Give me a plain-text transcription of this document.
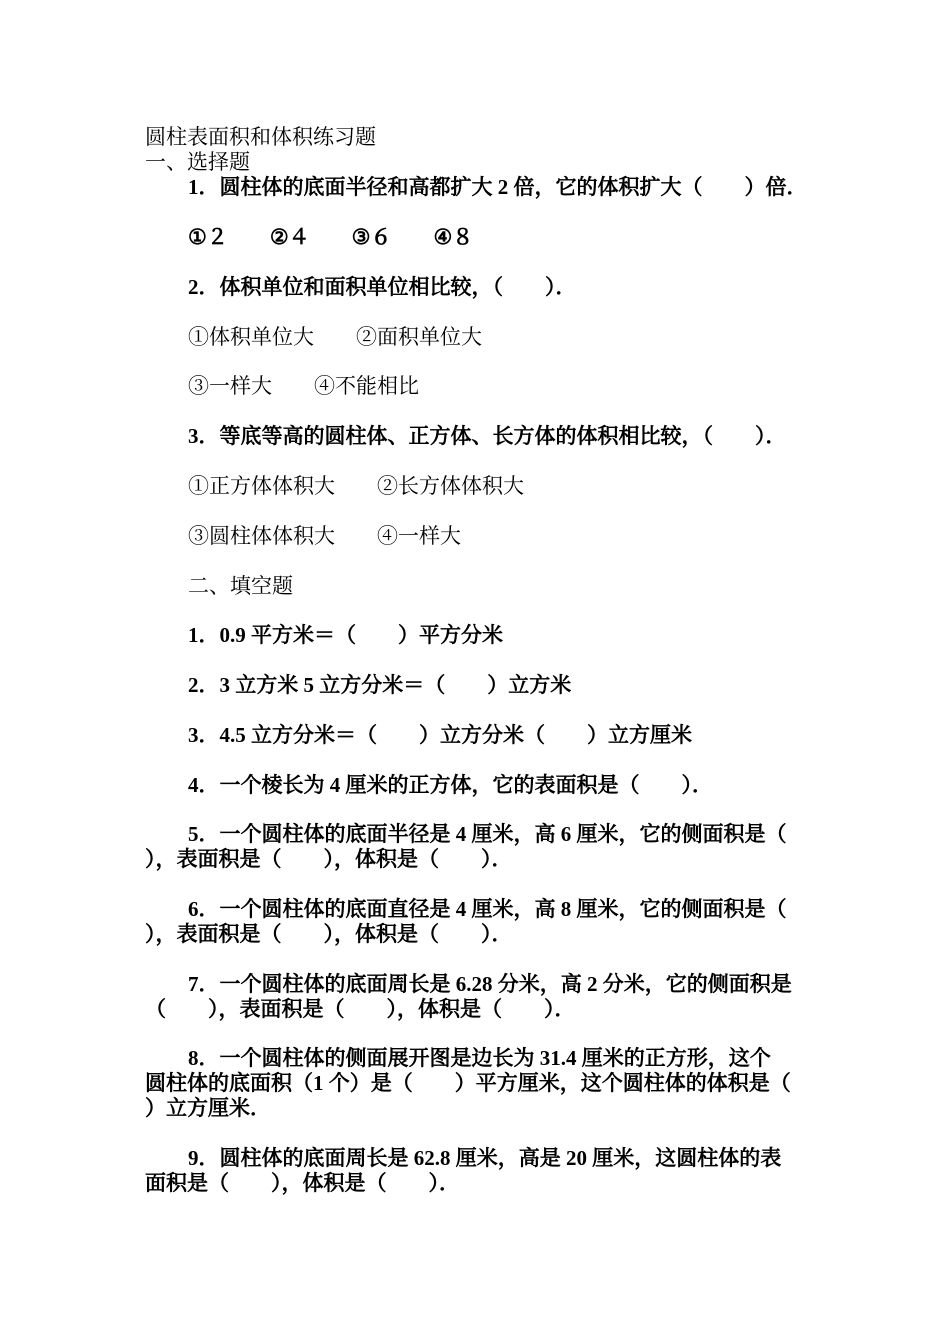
圆柱表面积和体积练习题
一、选择题
1．圆柱体的底面半径和高都扩大 2 倍，它的体积扩大（　　）倍．
①２　　②４　　③６　　④８
2．体积单位和面积单位相比较，（　　）．
①体积单位大　　②面积单位大
③一样大　　④不能相比
3．等底等高的圆柱体、正方体、长方体的体积相比较，（　　）．
①正方体体积大　　②长方体体积大
③圆柱体体积大　　④一样大
二、填空题
1．0.9 平方米＝（　　）平方分米
2．3 立方米 5 立方分米＝（　　）立方米
3．4.5 立方分米＝（　　）立方分米（　　）立方厘米
4．一个棱长为 4 厘米的正方体，它的表面积是（　　）．
5．一个圆柱体的底面半径是 4 厘米，高 6 厘米，它的侧面积是（
），表面积是（　　），体积是（　　）．
6．一个圆柱体的底面直径是 4 厘米，高 8 厘米，它的侧面积是（
），表面积是（　　），体积是（　　）．
7．一个圆柱体的底面周长是 6.28 分米，高 2 分米，它的侧面积是
（　　），表面积是（　　），体积是（　　）．
8．一个圆柱体的侧面展开图是边长为 31.4 厘米的正方形，这个
圆柱体的底面积（1 个）是（　　）平方厘米，这个圆柱体的体积是（
）立方厘米．
9．圆柱体的底面周长是 62.8 厘米，高是 20 厘米，这圆柱体的表
面积是（　　），体积是（　　）．
